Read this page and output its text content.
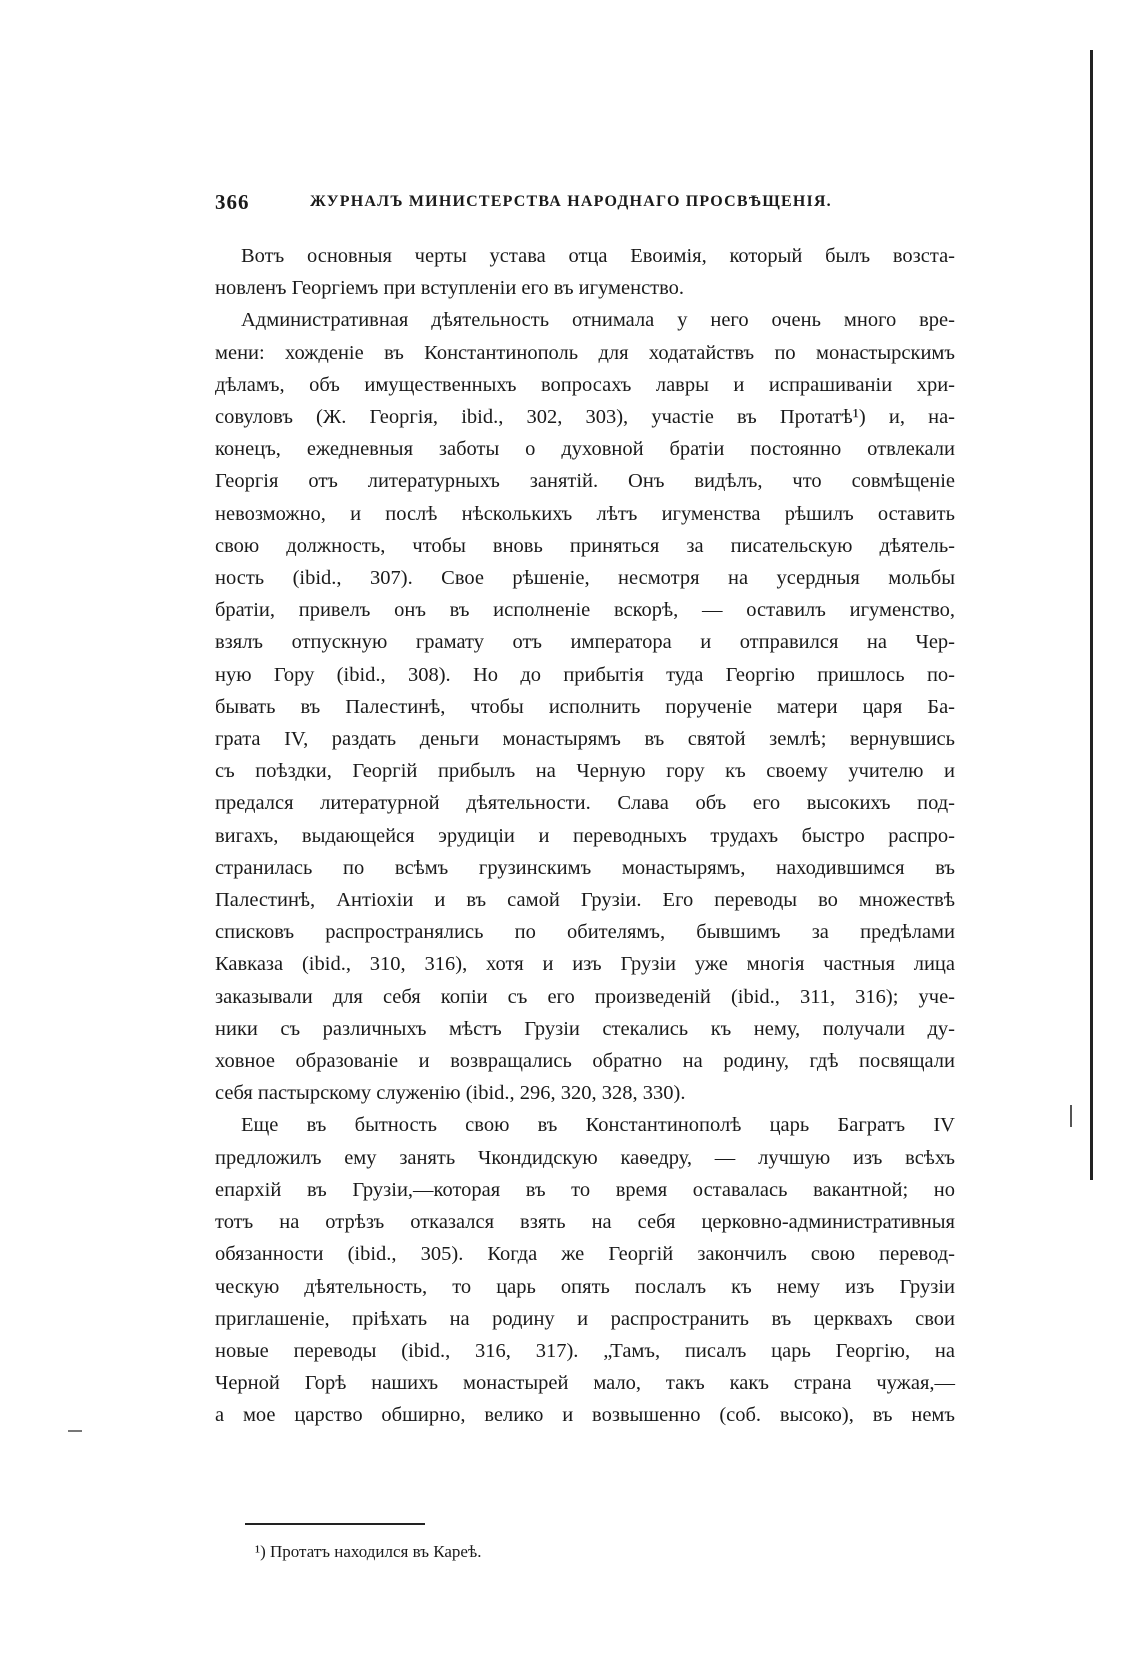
366	ЖУРНАЛЪ МИНИСТЕРСТВА НАРОДНАГО ПРОСВѢЩЕНІЯ.
Вотъ основныя черты устава отца Евоимія, который былъ возста-
новленъ Георгіемъ при вступленіи его въ игуменство.
Административная дѣятельность отнимала у него очень много вре-
мени: хожденіе въ Константинополь для ходатайствъ по монастырскимъ
дѣламъ, объ имущественныхъ вопросахъ лавры и испрашиваніи хри-
совуловъ (Ж. Георгія, ibid., 302, 303), участіе въ Протатѣ¹) и, на-
конецъ, ежедневныя заботы о духовной братіи постоянно отвлекали
Георгія отъ литературныхъ занятій. Онъ видѣлъ, что совмѣщеніе
невозможно, и послѣ нѣсколькихъ лѣтъ игуменства рѣшилъ оставить
свою должность, чтобы вновь приняться за писательскую дѣятель-
ность (ibid., 307). Свое рѣшеніе, несмотря на усердныя мольбы
братіи, привелъ онъ въ исполненіе вскорѣ, — оставилъ игуменство,
взялъ отпускную грамату отъ императора и отправился на Чер-
ную Гору (ibid., 308). Но до прибытія туда Георгію пришлось по-
бывать въ Палестинѣ, чтобы исполнить порученіе матери царя Ба-
грата IV, раздать деньги монастырямъ въ святой землѣ; вернувшись
съ поѣздки, Георгій прибылъ на Черную гору къ своему учителю и
предался литературной дѣятельности. Слава объ его высокихъ под-
вигахъ, выдающейся эрудиціи и переводныхъ трудахъ быстро распро-
странилась по всѣмъ грузинскимъ монастырямъ, находившимся въ
Палестинѣ, Антіохіи и въ самой Грузіи. Его переводы во множествѣ
списковъ распространялись по обителямъ, бывшимъ за предѣлами
Кавказа (ibid., 310, 316), хотя и изъ Грузіи уже многія частныя лица
заказывали для себя копіи съ его произведеній (ibid., 311, 316); уче-
ники съ различныхъ мѣстъ Грузіи стекались къ нему, получали ду-
ховное образованіе и возвращались обратно на родину, гдѣ посвящали
себя пастырскому служенію (ibid., 296, 320, 328, 330).
Еще въ бытность свою въ Константинополѣ царь Багратъ IV
предложилъ ему занять Чкондидскую каѳедру, — лучшую изъ всѣхъ
епархій въ Грузіи,—которая въ то время оставалась вакантной; но
тотъ на отрѣзъ отказался взять на себя церковно-административныя
обязанности (ibid., 305). Когда же Георгій закончилъ свою перевод-
ческую дѣятельность, то царь опять послалъ къ нему изъ Грузіи
приглашеніе, пріѣхать на родину и распространить въ церквахъ свои
новые переводы (ibid., 316, 317). „Тамъ, писалъ царь Георгію, на
Черной Горѣ нашихъ монастырей мало, такъ какъ страна чужая,—
а мое царство обширно, велико и возвышенно (соб. высоко), въ немъ
¹) Протатъ находился въ Кареѣ.
